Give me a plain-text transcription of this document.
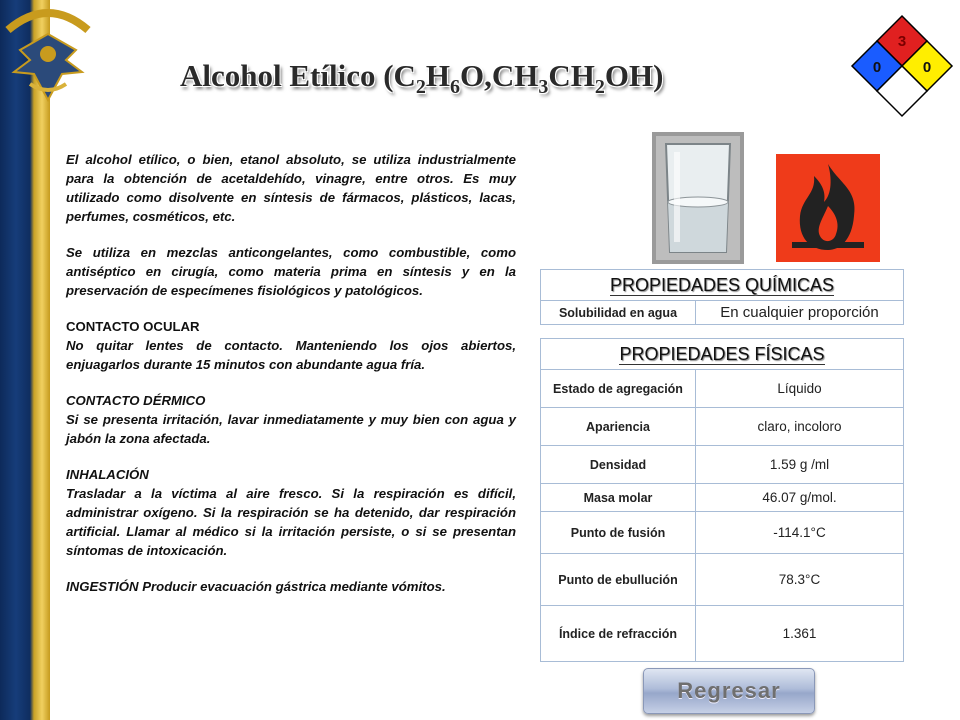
Alcohol Etílico $(C_2H_6O,CH_3CH_2OH)$
3
0	0

El alcohol etílico, o bien, etanol absoluto, se utiliza industrialmente para la obtención de acetaldehído, vinagre, entre otros. Es muy utilizado como disolvente en síntesis de fármacos, plásticos, lacas, perfumes, cosméticos, etc.

Se utiliza en mezclas anticongelantes, como combustible, como antiséptico en cirugía, como materia prima en síntesis y en la preservación de especímenes fisiológicos y patológicos.

CONTACTO OCULAR
No quitar lentes de contacto. Manteniendo los ojos abiertos, enjuagarlos durante 15 minutos con abundante agua fría.

CONTACTO DÉRMICO
Si se presenta irritación, lavar inmediatamente y muy bien con agua y jabón la zona afectada.

INHALACIÓN
Trasladar a la víctima al aire fresco. Si la respiración es difícil, administrar oxígeno. Si la respiración se ha detenido, dar respiración artificial. Llamar al médico si la irritación persiste, o si se presentan síntomas de intoxicación.

INGESTIÓN Producir evacuación gástrica mediante vómitos.

PROPIEDADES QUÍMICAS
Solubilidad en agua	En cualquier proporción
PROPIEDADES FÍSICAS	
Estado de agregación	Líquido
Apariencia	claro, incoloro
Densidad	1.59 g /ml
Masa molar	46.07 g/mol.
Punto de fusión	-114.1°C
Punto de ebullución	78.3°C
Índice de refracción	1.361
Regresar
